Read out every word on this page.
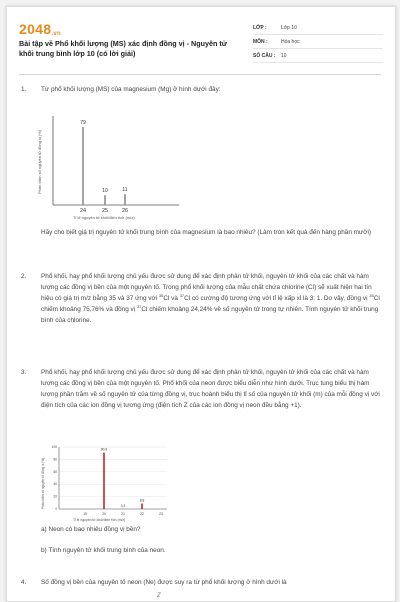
2048.vn
Bài tập về Phổ khối lượng (MS) xác định đồng vị - Nguyên tử khối trung bình lớp 10 (có lời giải)
LỚP :	Lớp 10
MÔN :	Hóa học
SỐ CÂU :	10
1. Từ phổ khối lượng (MS) của magnesium (Mg) ở hình dưới đây:

Phần trăm số nguyên tử đồng vị (%)
79
24
10
25
11
26
Tỉ lệ nguyên tử khối/điện tích (m/z)

Hãy cho biết giá trị nguyên tử khối trung bình của magnesium là bao nhiêu? (Làm tròn kết quả đến hàng phần mười)

2. Phổ khối, hay phổ khối lượng chủ yếu được sử dụng để xác định phân tử khối, nguyên tử khối của các chất và hàm lượng các đồng vị bền của một nguyên tố. Trong phổ khối lượng của mẫu chất chứa chlorine (Cl) sẽ xuất hiện hai tín hiệu có giá trị m/z bằng 35 và 37 ứng với $^{35}$Cl và $^{37}$Cl có cường độ tương ứng với tỉ lệ xấp xỉ là 3: 1. Do vậy, đồng vị $^{35}$Cl chiếm khoảng 75,76% và đồng vị $^{37}$Cl chiếm khoảng 24,24% về số nguyên tử trong tự nhiên. Tính nguyên tử khối trung bình của chlorine.

3. Phổ khối, hay phổ khối lượng chủ yếu được sử dụng để xác định phân tử khối, nguyên tử khối của các chất và hàm lượng các đồng vị bền của một nguyên tố. Phổ khối của neon được biểu diễn như hình dưới. Trục tung biểu thị hàm lượng phần trăm về số nguyên tử của từng đồng vị, trục hoành biểu thị tỉ số của nguyên tử khối (m) của mỗi đồng vị với điện tích của các ion đồng vị tương ứng (điện tích Z của các ion đồng vị neon đều bằng +1).

Phần trăm số nguyên tử đồng vị (%)
100
80
60
40
20
0
19	20	21	22	23
90,9
0,3
8,8
Tỉ lệ nguyên tử khối/điện tích (m/z)

a) Neon có bao nhiêu đồng vị bền?

b) Tính nguyên tử khối trung bình của neon.

4. Số đồng vị bền của nguyên tố neon (Ne) được suy ra từ phổ khối lượng ở hình dưới là

Z
